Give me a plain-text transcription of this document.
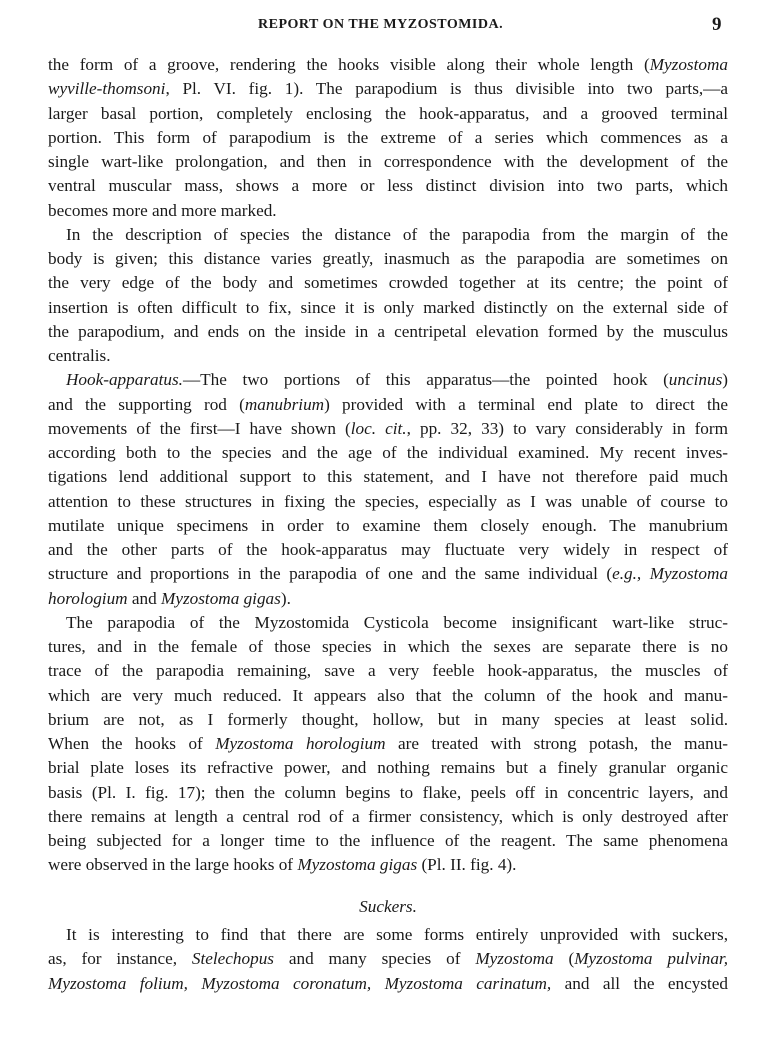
REPORT ON THE MYZOSTOMIDA.	9
the form of a groove, rendering the hooks visible along their whole length (Myzostoma
wyville-thomsoni, Pl. VI. fig. 1). The parapodium is thus divisible into two parts,—a
larger basal portion, completely enclosing the hook-apparatus, and a grooved terminal
portion. This form of parapodium is the extreme of a series which commences as a
single wart-like prolongation, and then in correspondence with the development of the
ventral muscular mass, shows a more or less distinct division into two parts, which
becomes more and more marked.
In the description of species the distance of the parapodia from the margin of the
body is given; this distance varies greatly, inasmuch as the parapodia are sometimes on
the very edge of the body and sometimes crowded together at its centre; the point of
insertion is often difficult to fix, since it is only marked distinctly on the external side of
the parapodium, and ends on the inside in a centripetal elevation formed by the musculus
centralis.
Hook-apparatus.—The two portions of this apparatus—the pointed hook (uncinus)
and the supporting rod (manubrium) provided with a terminal end plate to direct the
movements of the first—I have shown (loc. cit., pp. 32, 33) to vary considerably in form
according both to the species and the age of the individual examined. My recent inves-
tigations lend additional support to this statement, and I have not therefore paid much
attention to these structures in fixing the species, especially as I was unable of course to
mutilate unique specimens in order to examine them closely enough. The manubrium
and the other parts of the hook-apparatus may fluctuate very widely in respect of
structure and proportions in the parapodia of one and the same individual (e.g., Myzostoma
horologium and Myzostoma gigas).
The parapodia of the Myzostomida Cysticola become insignificant wart-like struc-
tures, and in the female of those species in which the sexes are separate there is no
trace of the parapodia remaining, save a very feeble hook-apparatus, the muscles of
which are very much reduced. It appears also that the column of the hook and manu-
brium are not, as I formerly thought, hollow, but in many species at least solid.
When the hooks of Myzostoma horologium are treated with strong potash, the manu-
brial plate loses its refractive power, and nothing remains but a finely granular organic
basis (Pl. I. fig. 17); then the column begins to flake, peels off in concentric layers, and
there remains at length a central rod of a firmer consistency, which is only destroyed after
being subjected for a longer time to the influence of the reagent. The same phenomena
were observed in the large hooks of Myzostoma gigas (Pl. II. fig. 4).
Suckers.
It is interesting to find that there are some forms entirely unprovided with suckers,
as, for instance, Stelechopus and many species of Myzostoma (Myzostoma pulvinar,
Myzostoma folium, Myzostoma coronatum, Myzostoma carinatum, and all the encysted
